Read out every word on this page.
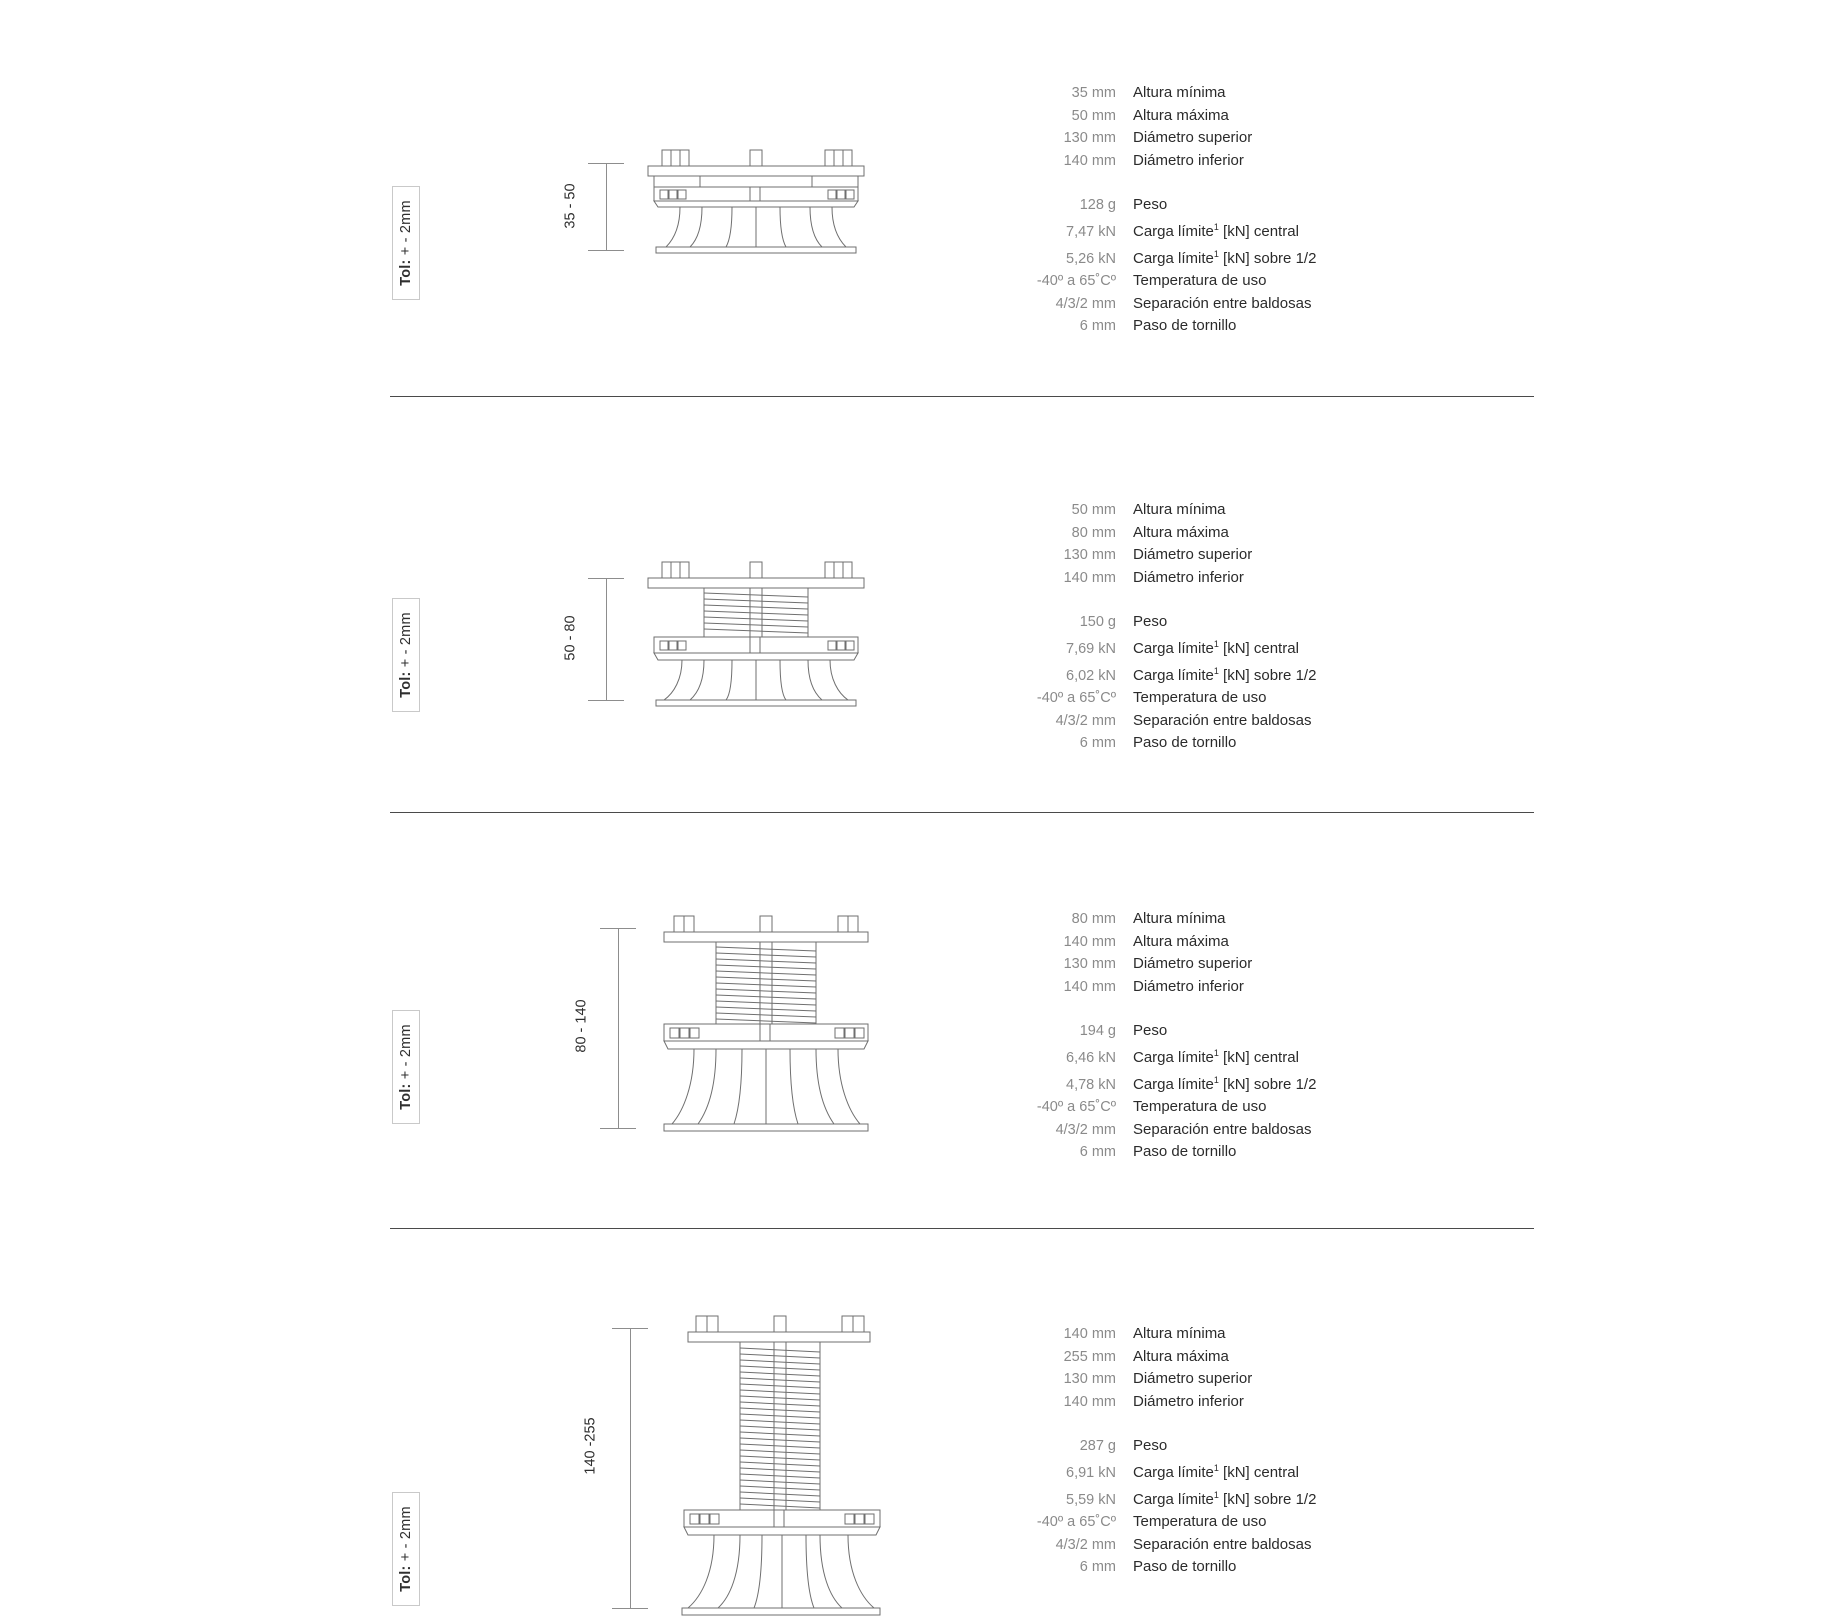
Tol: + - 2mm	35 - 50
35 mm	Altura mínima
50 mm	Altura máxima
130 mm	Diámetro superior
140 mm	Diámetro inferior
128 g	Peso
7,47 kN	Carga límite$^1$ [kN] central
5,26 kN	Carga límite$^1$ [kN] sobre 1/2
-40º a 65˚Cº	Temperatura de uso
4/3/2 mm	Separación entre baldosas
6 mm	Paso de tornillo
Tol: + - 2mm	50 - 80
50 mm	Altura mínima
80 mm	Altura máxima
130 mm	Diámetro superior
140 mm	Diámetro inferior
150 g	Peso
7,69 kN	Carga límite$^1$ [kN] central
6,02 kN	Carga límite$^1$ [kN] sobre 1/2
-40º a 65˚Cº	Temperatura de uso
4/3/2 mm	Separación entre baldosas
6 mm	Paso de tornillo
Tol: + - 2mm	80 - 140
80 mm	Altura mínima
140 mm	Altura máxima
130 mm	Diámetro superior
140 mm	Diámetro inferior
194 g	Peso
6,46 kN	Carga límite$^1$ [kN] central
4,78 kN	Carga límite$^1$ [kN] sobre 1/2
-40º a 65˚Cº	Temperatura de uso
4/3/2 mm	Separación entre baldosas
6 mm	Paso de tornillo
Tol: + - 2mm
140 -255
140 mm	Altura mínima
255 mm	Altura máxima
130 mm	Diámetro superior
140 mm	Diámetro inferior
287 g	Peso
6,91 kN	Carga límite$^1$ [kN] central
5,59 kN	Carga límite$^1$ [kN] sobre 1/2
-40º a 65˚Cº	Temperatura de uso
4/3/2 mm	Separación entre baldosas
6 mm	Paso de tornillo
